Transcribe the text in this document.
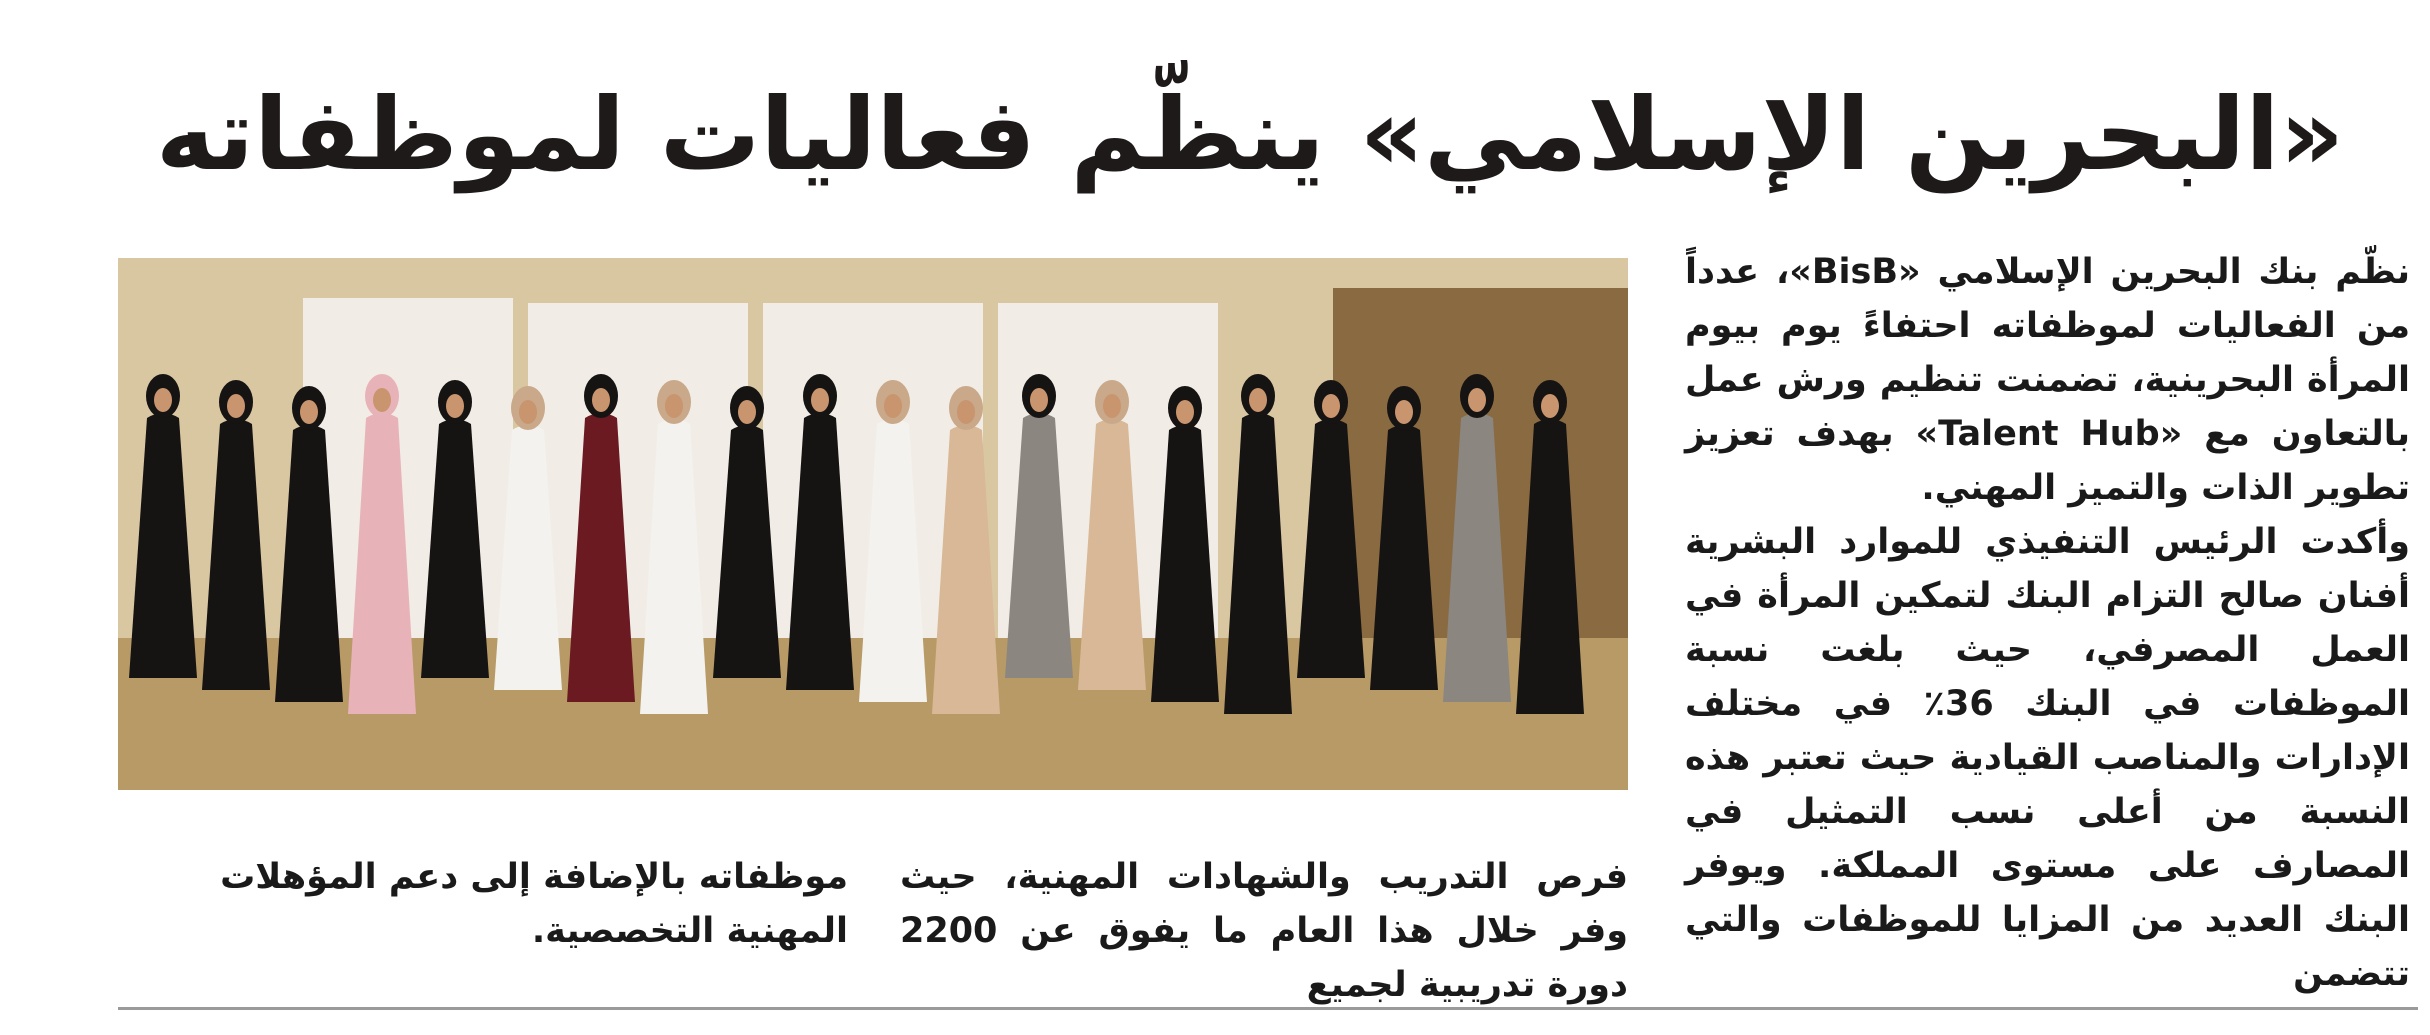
«البحرين الإسلامي» ينظّم فعاليات لموظفاته

نظّم بنك البحرين الإسلامي «BisB»، عدداً من الفعاليات لموظفاته احتفاءً يوم بيوم المرأة البحرينية، تضمنت تنظيم ورش عمل بالتعاون مع «Talent Hub» بهدف تعزيز تطوير الذات والتميز المهني.

وأكدت الرئيس التنفيذي للموارد البشرية أفنان صالح التزام البنك لتمكين المرأة في العمل المصرفي، حيث بلغت نسبة الموظفات في البنك 36٪ في مختلف الإدارات والمناصب القيادية حيث تعتبر هذه النسبة من أعلى نسب التمثيل في المصارف على مستوى المملكة. ويوفر البنك العديد من المزايا للموظفات والتي تتضمن

فرص التدريب والشهادات المهنية، حيث وفر خلال هذا العام ما يفوق عن 2200 دورة تدريبية لجميع
موظفاته بالإضافة إلى دعم المؤهلات المهنية التخصصية.
